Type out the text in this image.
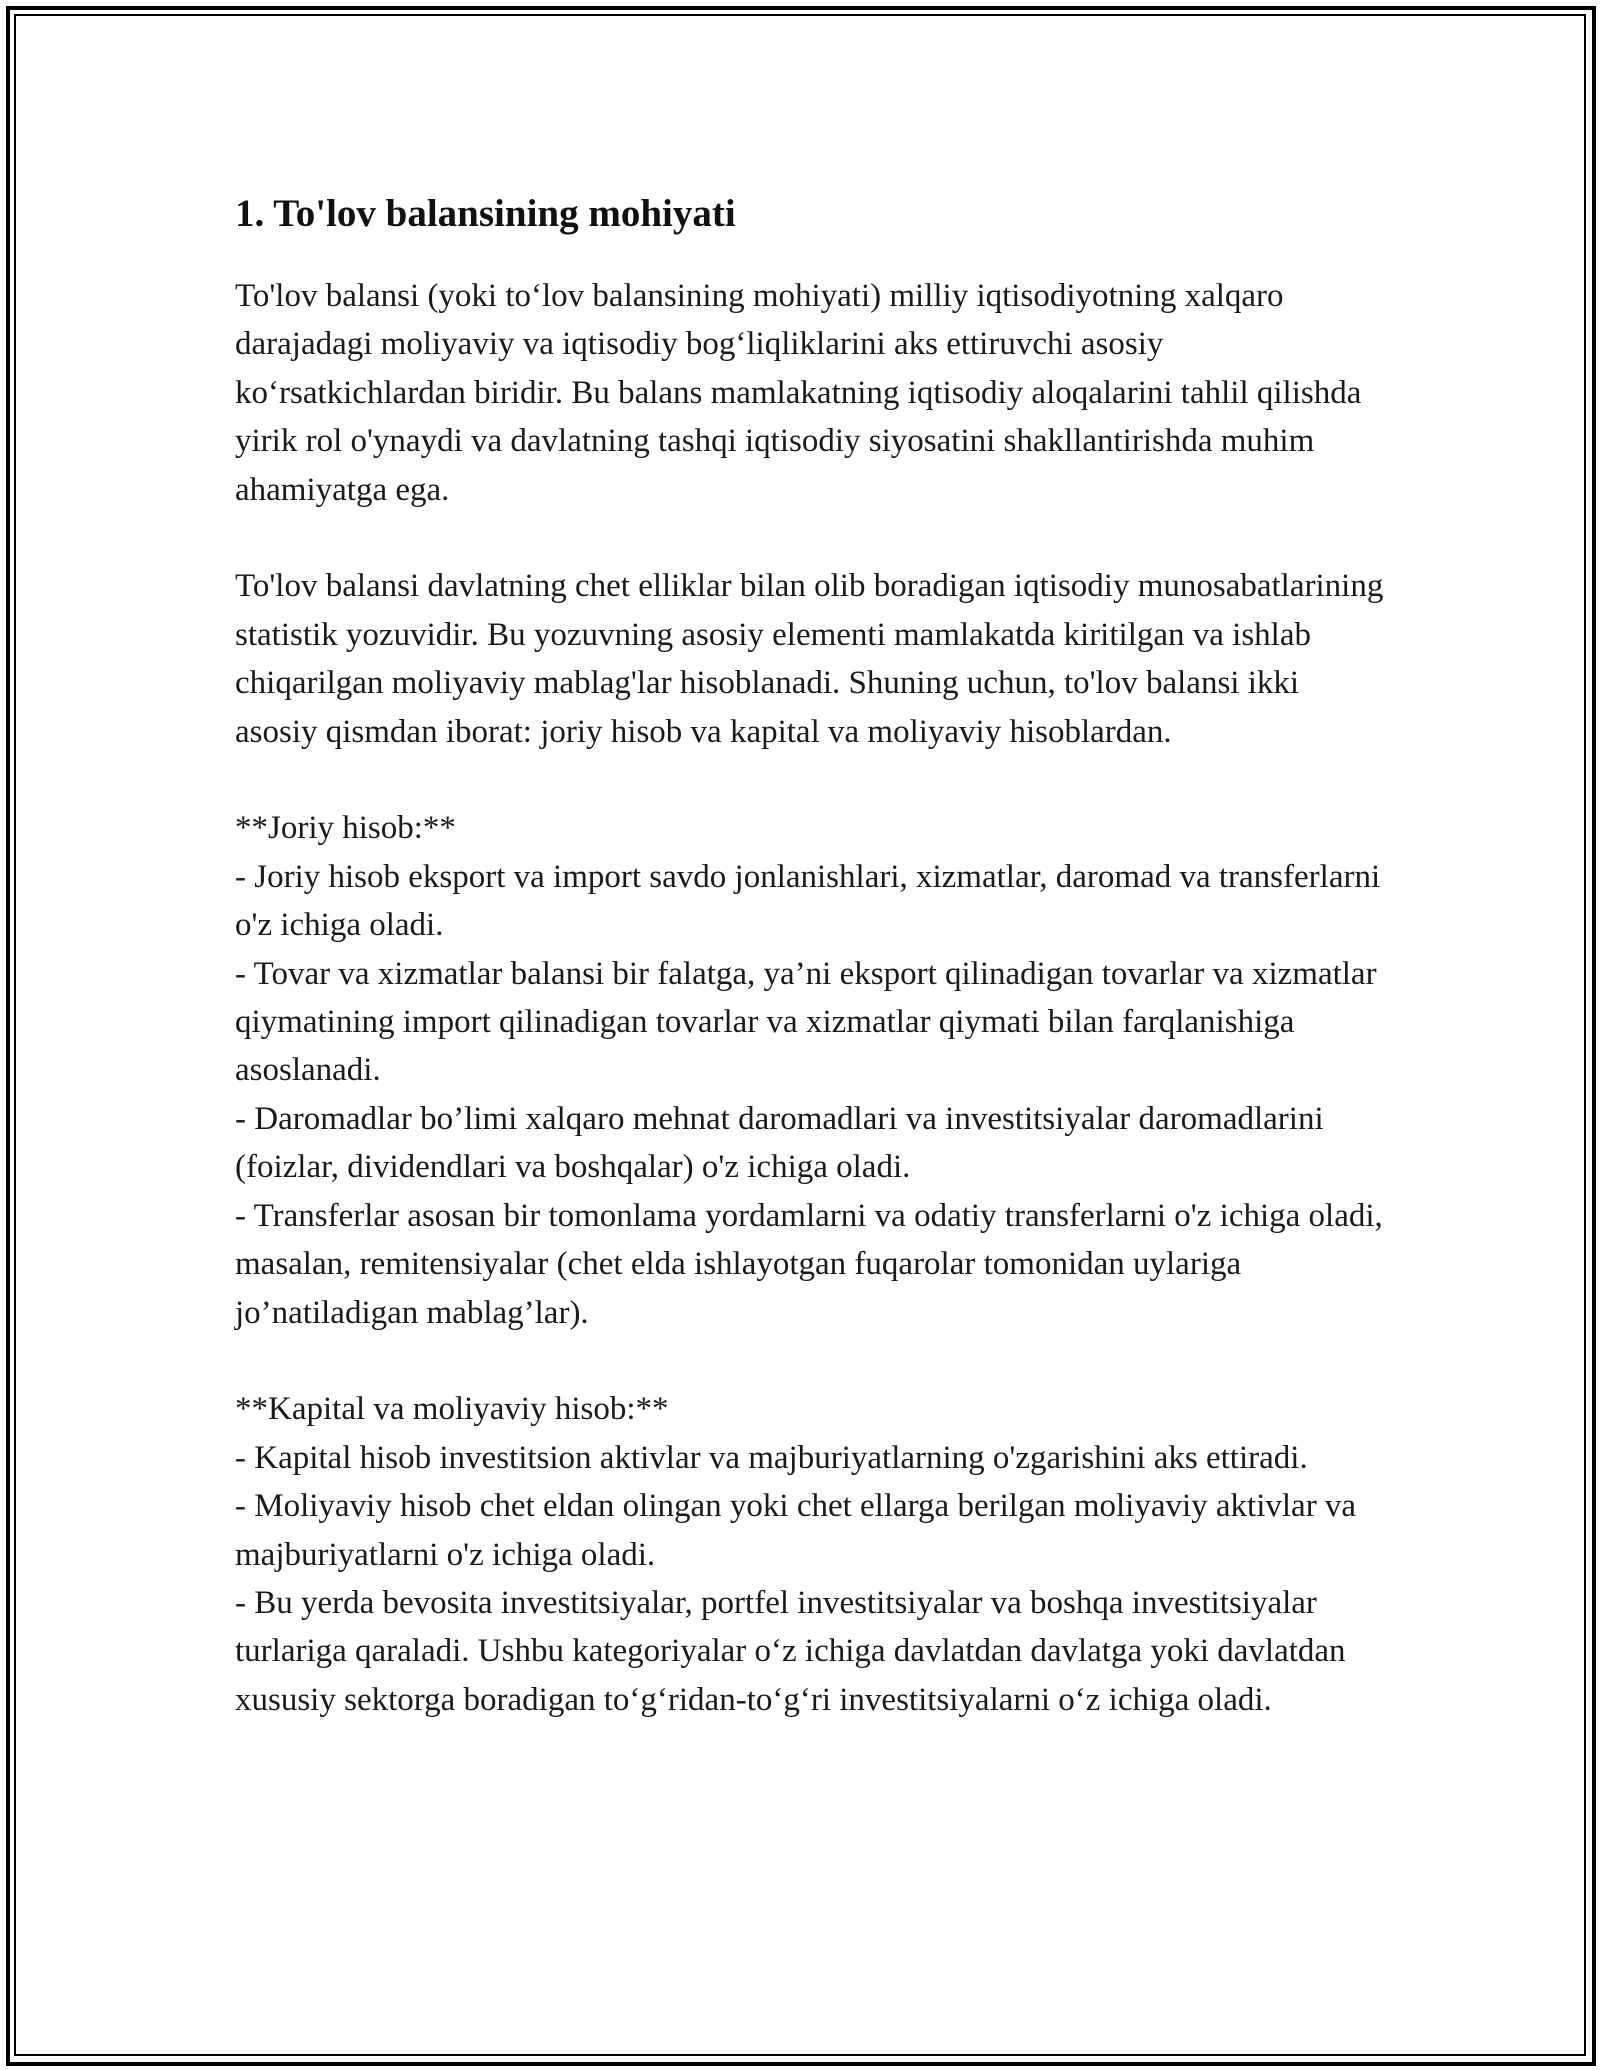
1. To'lov balansining mohiyati

To'lov balansi (yoki to‘lov balansining mohiyati) milliy iqtisodiyotning xalqaro darajadagi moliyaviy va iqtisodiy bog‘liqliklarini aks ettiruvchi asosiy ko‘rsatkichlardan biridir. Bu balans mamlakatning iqtisodiy aloqalarini tahlil qilishda yirik rol o'ynaydi va davlatning tashqi iqtisodiy siyosatini shakllantirishda muhim ahamiyatga ega.

To'lov balansi davlatning chet elliklar bilan olib boradigan iqtisodiy munosabatlarining statistik yozuvidir. Bu yozuvning asosiy elementi mamlakatda kiritilgan va ishlab chiqarilgan moliyaviy mablag'lar hisoblanadi. Shuning uchun, to'lov balansi ikki asosiy qismdan iborat: joriy hisob va kapital va moliyaviy hisoblardan.

**Joriy hisob:**

- Joriy hisob eksport va import savdo jonlanishlari, xizmatlar, daromad va transferlarni o'z ichiga oladi.

- Tovar va xizmatlar balansi bir falatga, ya’ni eksport qilinadigan tovarlar va xizmatlar qiymatining import qilinadigan tovarlar va xizmatlar qiymati bilan farqlanishiga asoslanadi.

- Daromadlar bo’limi xalqaro mehnat daromadlari va investitsiyalar daromadlarini (foizlar, dividendlari va boshqalar) o'z ichiga oladi.

- Transferlar asosan bir tomonlama yordamlarni va odatiy transferlarni o'z ichiga oladi, masalan, remitensiyalar (chet elda ishlayotgan fuqarolar tomonidan uylariga jo’natiladigan mablag’lar).

**Kapital va moliyaviy hisob:**

- Kapital hisob investitsion aktivlar va majburiyatlarning o'zgarishini aks ettiradi.

- Moliyaviy hisob chet eldan olingan yoki chet ellarga berilgan moliyaviy aktivlar va majburiyatlarni o'z ichiga oladi.

- Bu yerda bevosita investitsiyalar, portfel investitsiyalar va boshqa investitsiyalar turlariga qaraladi. Ushbu kategoriyalar o‘z ichiga davlatdan davlatga yoki davlatdan xususiy sektorga boradigan to‘g‘ridan-to‘g‘ri investitsiyalarni o‘z ichiga oladi.
